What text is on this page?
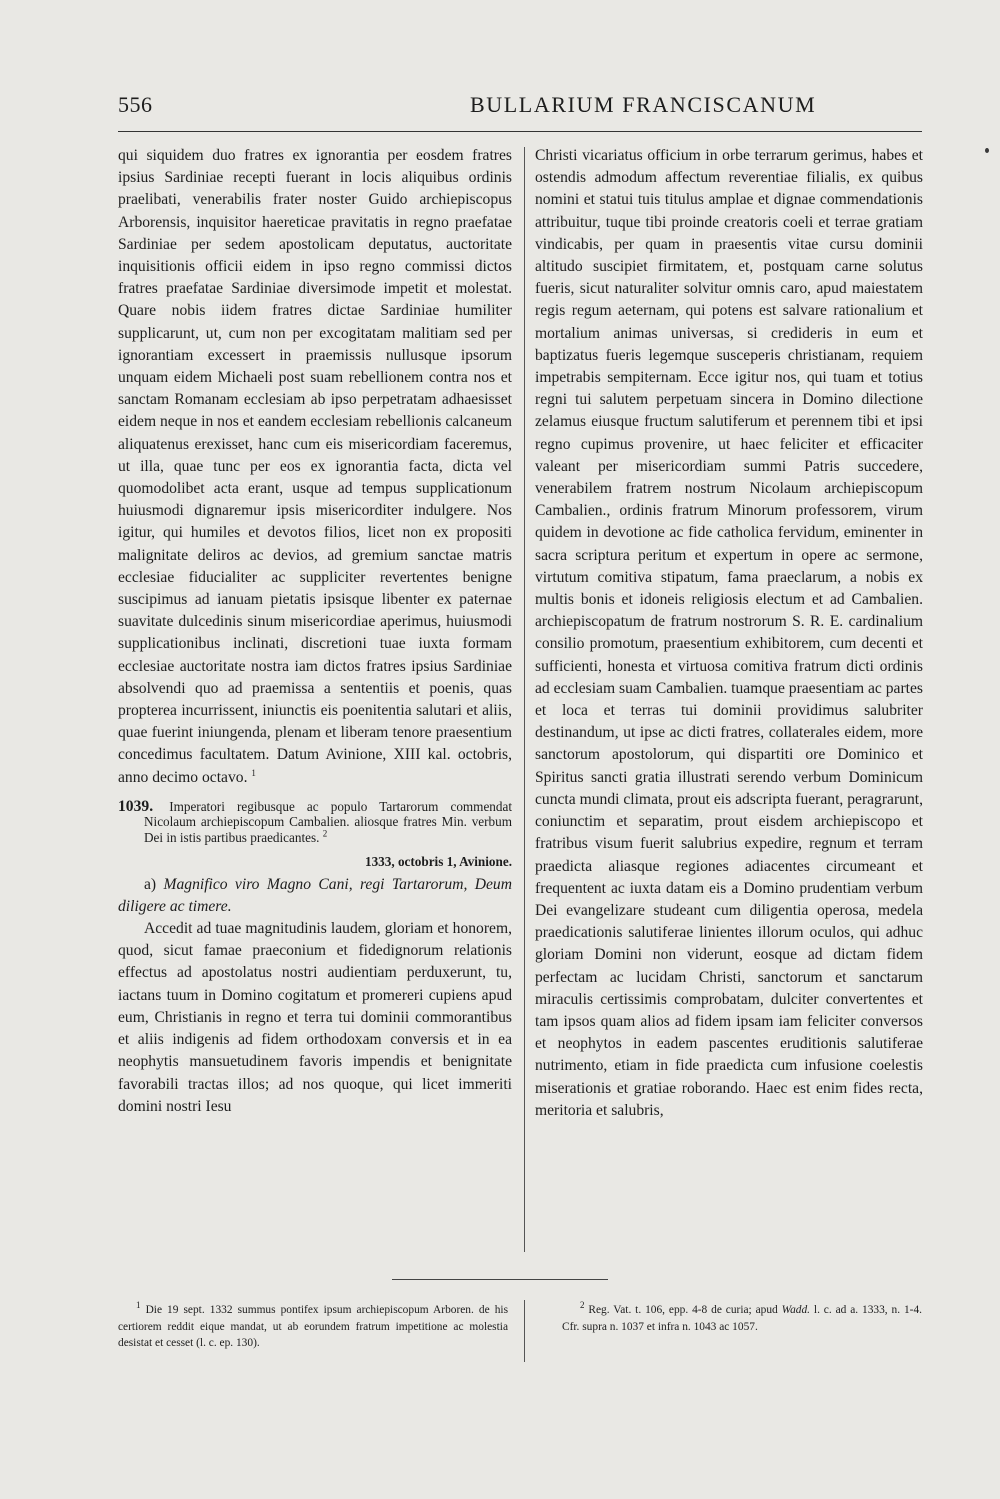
556	BULLARIUM FRANCISCANUM

qui siquidem duo fratres ex ignorantia per eosdem fratres ipsius Sardiniae recepti fuerant in locis aliquibus ordinis praelibati, venerabilis frater noster Guido archiepiscopus Arborensis, inquisitor haereticae pravitatis in regno praefatae Sardiniae per sedem apostolicam deputatus, auctoritate inquisitionis officii eidem in ipso regno commissi dictos fratres praefatae Sardiniae diversimode impetit et molestat. Quare nobis iidem fratres dictae Sardiniae humiliter supplicarunt, ut, cum non per excogitatam malitiam sed per ignorantiam excessert in praemissis nullusque ipsorum unquam eidem Michaeli post suam rebellionem contra nos et sanctam Romanam ecclesiam ab ipso perpetratam adhaesisset eidem neque in nos et eandem ecclesiam rebellionis calcaneum aliquatenus erexisset, hanc cum eis misericordiam faceremus, ut illa, quae tunc per eos ex ignorantia facta, dicta vel quomodolibet acta erant, usque ad tempus supplicationum huiusmodi dignaremur ipsis misericorditer indulgere. Nos igitur, qui humiles et devotos filios, licet non ex propositi malignitate deliros ac devios, ad gremium sanctae matris ecclesiae fiducialiter ac suppliciter revertentes benigne suscipimus ad ianuam pietatis ipsisque libenter ex paternae suavitate dulcedinis sinum misericordiae aperimus, huiusmodi supplicationibus inclinati, discretioni tuae iuxta formam ecclesiae auctoritate nostra iam dictos fratres ipsius Sardiniae absolvendi quo ad praemissa a sententiis et poenis, quas propterea incurrissent, iniunctis eis poenitentia salutari et aliis, quae fuerint iniungenda, plenam et liberam tenore praesentium concedimus facultatem. Datum Avinione, XIII kal. octobris, anno decimo octavo. $^1$

1039. Imperatori regibusque ac populo Tartarorum commendat Nicolaum archiepiscopum Cambalien. aliosque fratres Min. verbum Dei in istis partibus praedicantes. $^2$

1333, octobris 1, Avinione.

a) Magnifico viro Magno Cani, regi Tartarorum, Deum diligere ac timere.

Accedit ad tuae magnitudinis laudem, gloriam et honorem, quod, sicut famae praeconium et fidedignorum relationis effectus ad apostolatus nostri audientiam perduxerunt, tu, iactans tuum in Domino cogitatum et promereri cupiens apud eum, Christianis in regno et terra tui dominii commorantibus et aliis indigenis ad fidem orthodoxam conversis et in ea neophytis mansuetudinem favoris impendis et benignitate favorabili tractas illos; ad nos quoque, qui licet immeriti domini nostri Iesu

Christi vicariatus officium in orbe terrarum gerimus, habes et ostendis admodum affectum reverentiae filialis, ex quibus nomini et statui tuis titulus amplae et dignae commendationis attribuitur, tuque tibi proinde creatoris coeli et terrae gratiam vindicabis, per quam in praesentis vitae cursu dominii altitudo suscipiet firmitatem, et, postquam carne solutus fueris, sicut naturaliter solvitur omnis caro, apud maiestatem regis regum aeternam, qui potens est salvare rationalium et mortalium animas universas, si credideris in eum et baptizatus fueris legemque susceperis christianam, requiem impetrabis sempiternam. Ecce igitur nos, qui tuam et totius regni tui salutem perpetuam sincera in Domino dilectione zelamus eiusque fructum salutiferum et perennem tibi et ipsi regno cupimus provenire, ut haec feliciter et efficaciter valeant per misericordiam summi Patris succedere, venerabilem fratrem nostrum Nicolaum archiepiscopum Cambalien., ordinis fratrum Minorum professorem, virum quidem in devotione ac fide catholica fervidum, eminenter in sacra scriptura peritum et expertum in opere ac sermone, virtutum comitiva stipatum, fama praeclarum, a nobis ex multis bonis et idoneis religiosis electum et ad Cambalien. archiepiscopatum de fratrum nostrorum S. R. E. cardinalium consilio promotum, praesentium exhibitorem, cum decenti et sufficienti, honesta et virtuosa comitiva fratrum dicti ordinis ad ecclesiam suam Cambalien. tuamque praesentiam ac partes et loca et terras tui dominii providimus salubriter destinandum, ut ipse ac dicti fratres, collaterales eidem, more sanctorum apostolorum, qui dispartiti ore Dominico et Spiritus sancti gratia illustrati serendo verbum Dominicum cuncta mundi climata, prout eis adscripta fuerant, peragrarunt, coniunctim et separatim, prout eisdem archiepiscopo et fratribus visum fuerit salubrius expedire, regnum et terram praedicta aliasque regiones adiacentes circumeant et frequentent ac iuxta datam eis a Domino prudentiam verbum Dei evangelizare studeant cum diligentia operosa, medela praedicationis salutiferae linientes illorum oculos, qui adhuc gloriam Domini non viderunt, eosque ad dictam fidem perfectam ac lucidam Christi, sanctorum et sanctarum miraculis certissimis comprobatam, dulciter convertentes et tam ipsos quam alios ad fidem ipsam iam feliciter conversos et neophytos in eadem pascentes eruditionis salutiferae nutrimento, etiam in fide praedicta cum infusione coelestis miserationis et gratiae roborando. Haec est enim fides recta, meritoria et salubris,

$^1$ Die 19 sept. 1332 summus pontifex ipsum archiepiscopum Arboren. de his certiorem reddit eique mandat, ut ab eorundem fratrum impetitione ac molestia desistat et cesset (l. c. ep. 130).

$^2$ Reg. Vat. t. 106, epp. 4-8 de curia; apud Wadd. l. c. ad a. 1333, n. 1-4. Cfr. supra n. 1037 et infra n. 1043 ac 1057.
